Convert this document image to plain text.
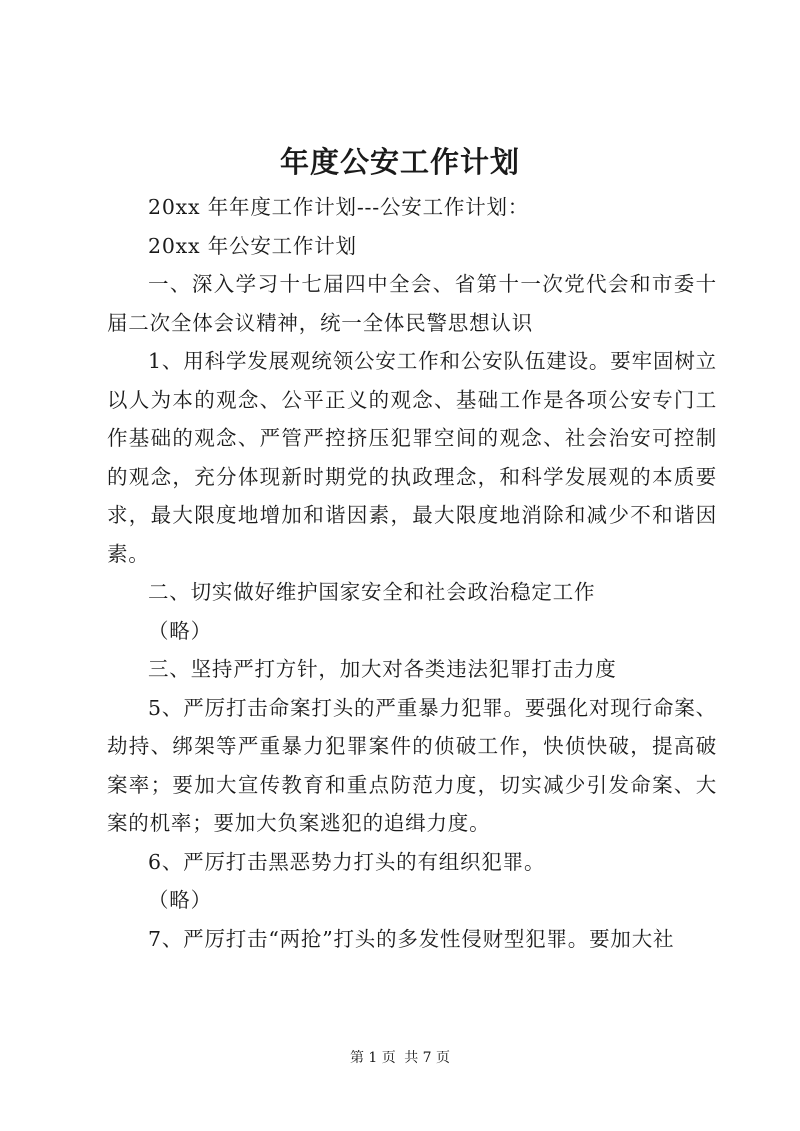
年度公安工作计划

20xx 年年度工作计划---公安工作计划：

20xx 年公安工作计划

一、深入学习十七届四中全会、省第十一次党代会和市委十届二次全体会议精神，统一全体民警思想认识

1、用科学发展观统领公安工作和公安队伍建设。要牢固树立以人为本的观念、公平正义的观念、基础工作是各项公安专门工作基础的观念、严管严控挤压犯罪空间的观念、社会治安可控制的观念，充分体现新时期党的执政理念，和科学发展观的本质要求，最大限度地增加和谐因素，最大限度地消除和减少不和谐因素。

二、切实做好维护国家安全和社会政治稳定工作

（略）

三、坚持严打方针，加大对各类违法犯罪打击力度

5、严厉打击命案打头的严重暴力犯罪。要强化对现行命案、劫持、绑架等严重暴力犯罪案件的侦破工作，快侦快破，提高破案率；要加大宣传教育和重点防范力度，切实减少引发命案、大案的机率；要加大负案逃犯的追缉力度。

6、严厉打击黑恶势力打头的有组织犯罪。

（略）

7、严厉打击“两抢”打头的多发性侵财型犯罪。要加大社

第 1 页 共 7 页
